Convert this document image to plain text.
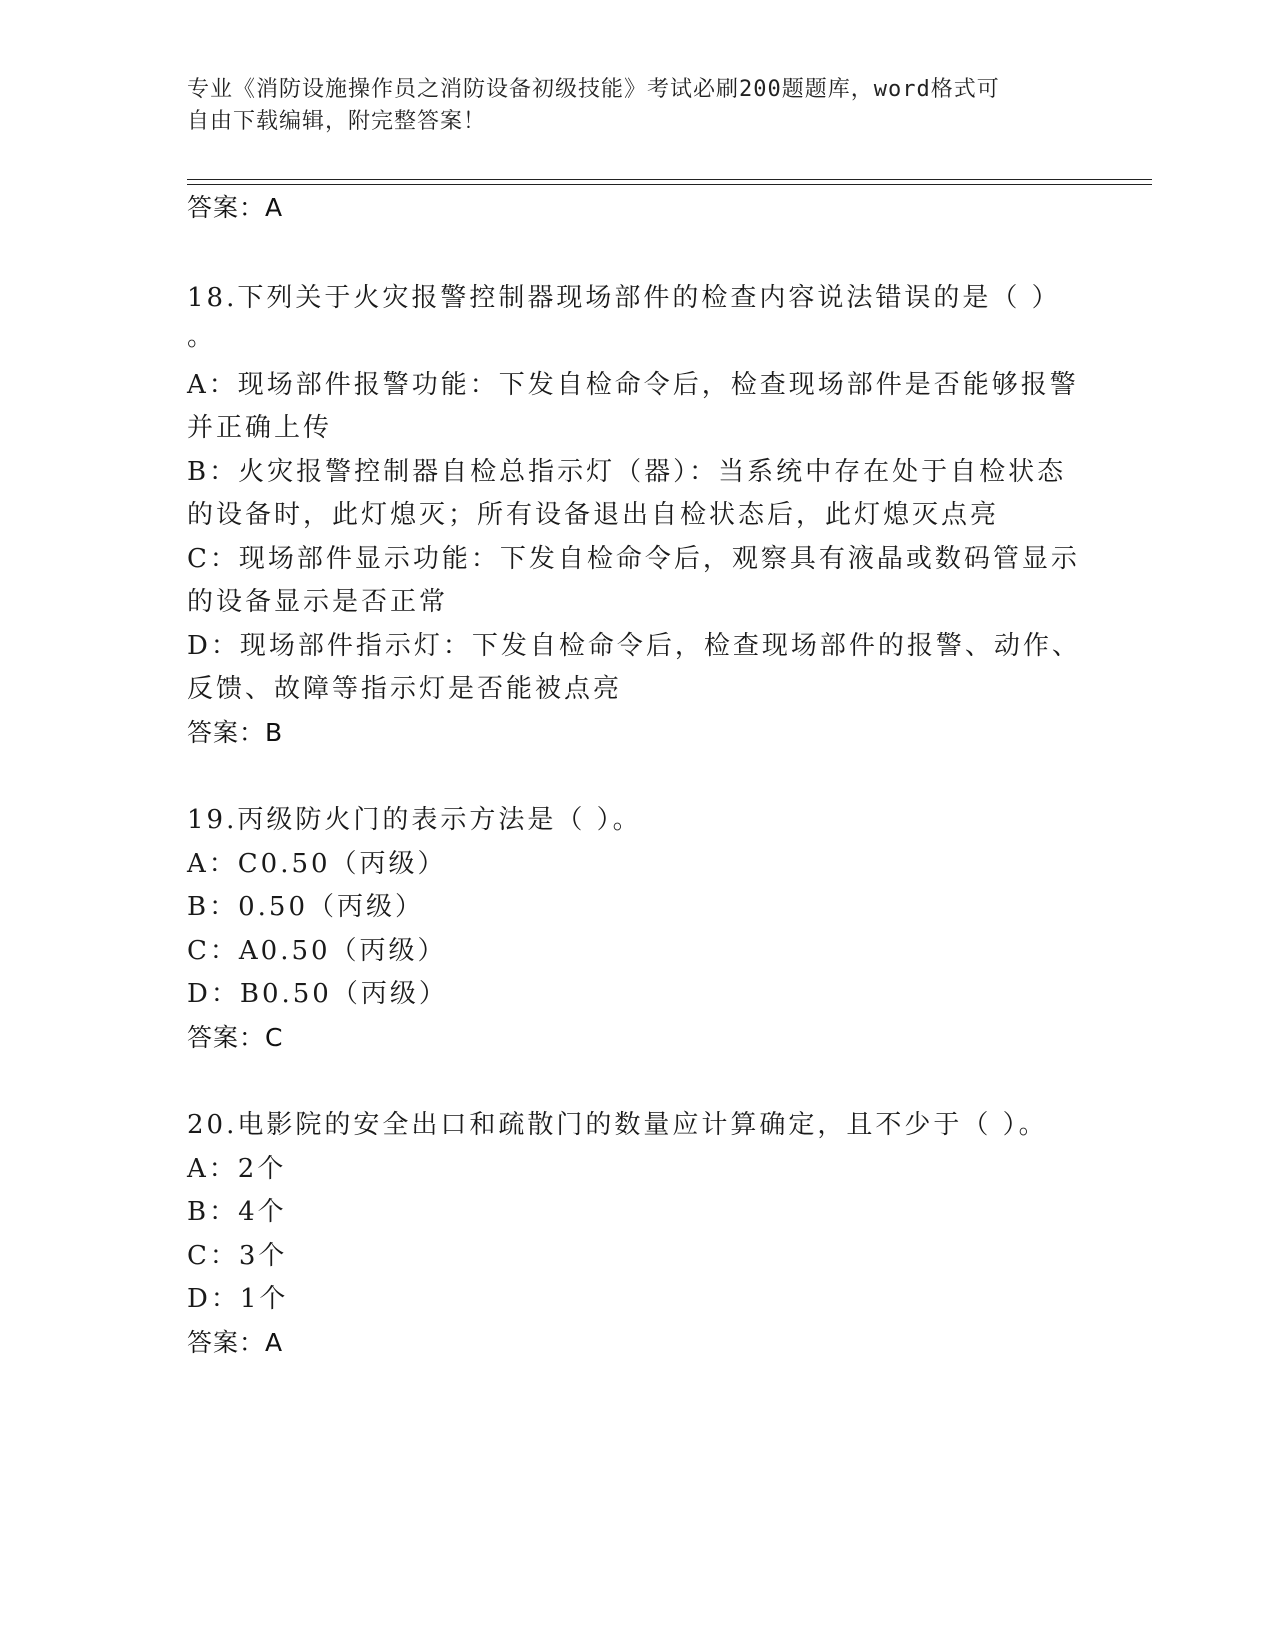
专业《消防设施操作员之消防设备初级技能》考试必刷200题题库，word格式可
自由下载编辑，附完整答案！
答案：A
18.下列关于火灾报警控制器现场部件的检查内容说法错误的是（ ）
。
A：现场部件报警功能：下发自检命令后，检查现场部件是否能够报警
并正确上传
B：火灾报警控制器自检总指示灯（器）：当系统中存在处于自检状态
的设备时，此灯熄灭；所有设备退出自检状态后，此灯熄灭点亮
C：现场部件显示功能：下发自检命令后，观察具有液晶或数码管显示
的设备显示是否正常
D：现场部件指示灯：下发自检命令后，检查现场部件的报警、动作、
反馈、故障等指示灯是否能被点亮
答案：B
19.丙级防火门的表示方法是（ ）。
A：C0.50（丙级）
B：0.50（丙级）
C：A0.50（丙级）
D：B0.50（丙级）
答案：C
20.电影院的安全出口和疏散门的数量应计算确定，且不少于（ ）。
A：2个
B：4个
C：3个
D：1个
答案：A
